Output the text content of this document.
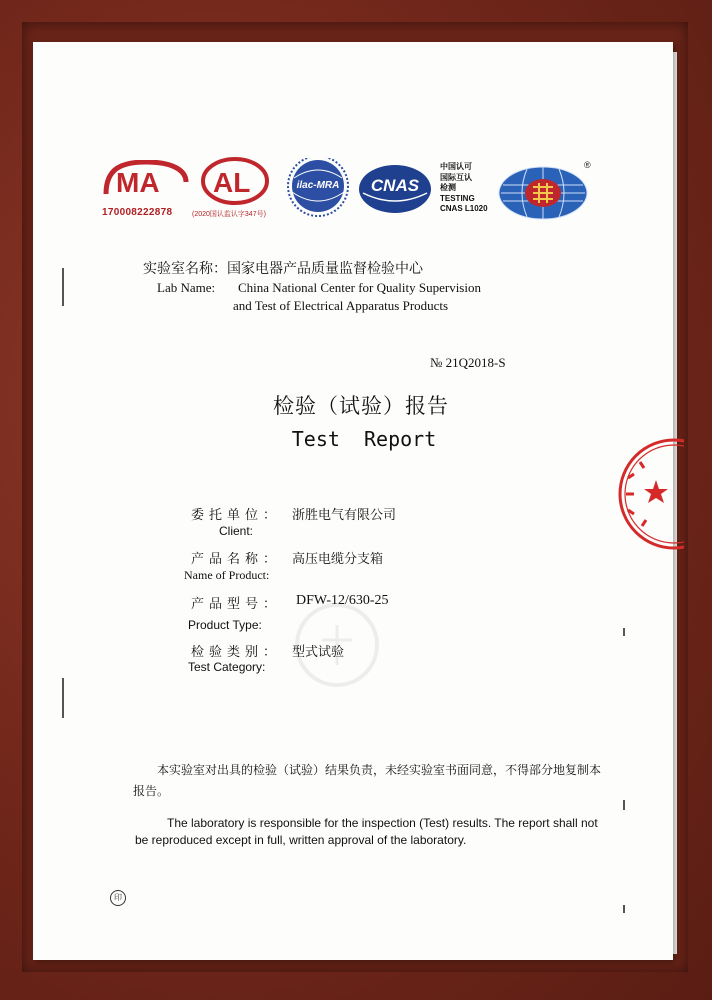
MA
170008222878	(2020国认监认字347号)
AL	ilac-MRA	CNAS
中国认可
国际互认
检测
TESTING
CNAS L1020
®
实验室名称：国家电器产品质量监督检验中心
Lab Name: China National Center for Quality Supervision
and Test of Electrical Apparatus Products
№ 21Q2018-S
检验（试验）报告
Test  Report
委托单位： 浙胜电气有限公司
Client:
产品名称： 高压电缆分支箱
Name of Product:
产品型号： DFW-12/630-25
Product Type:
检验类别： 型式试验
Test Category:
本实验室对出具的检验（试验）结果负责，未经实验室书面同意，不得部分地复制本报告。
The laboratory is responsible for the inspection (Test) results. The report shall not be reproduced except in full, written approval of the laboratory.
印
